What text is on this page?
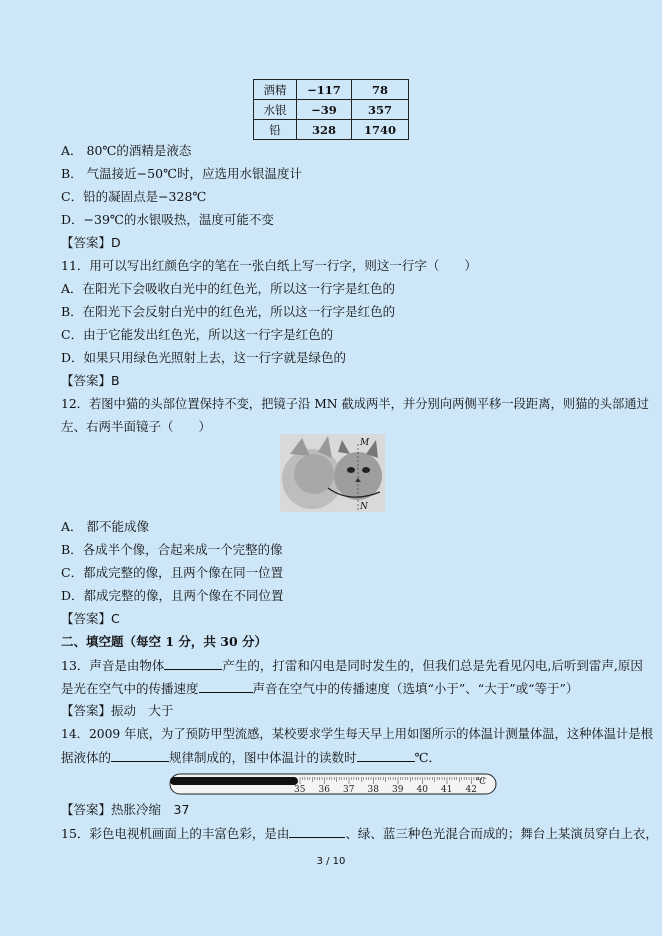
酒精	−117	78
水银	−39	357
铅	328	1740
A． 80℃的酒精是液态
B． 气温接近−50℃时，应选用水银温度计
C．铅的凝固点是−328℃
D．−39℃的水银吸热，温度可能不变
【答案】D
11．用可以写出红颜色字的笔在一张白纸上写一行字，则这一行字（　　）
A．在阳光下会吸收白光中的红色光，所以这一行字是红色的
B．在阳光下会反射白光中的红色光，所以这一行字是红色的
C．由于它能发出红色光，所以这一行字是红色的
D．如果只用绿色光照射上去，这一行字就是绿色的
【答案】B
12．若图中猫的头部位置保持不变，把镜子沿 MN 截成两半，并分别向两侧平移一段距离，则猫的头部通过
左、右两半面镜子（　　）
M
N
A． 都不能成像
B．各成半个像，合起来成一个完整的像
C．都成完整的像，且两个像在同一位置
D．都成完整的像，且两个像在不同位置
【答案】C
二、填空题（每空 1 分，共 30 分）
13．声音是由物体	产生的，打雷和闪电是同时发生的，但我们总是先看见闪电,后听到雷声,原因
是光在空气中的传播速度	声音在空气中的传播速度（选填“小于”、“大于”或“等于”）
【答案】振动　大于
14．2009 年底，为了预防甲型流感，某校要求学生每天早上用如图所示的体温计测量体温，这种体温计是根
据液体的	规律制成的，图中体温计的读数时	℃．
35 36 37 38 39 40 41 42
℃
【答案】热胀冷缩　37
15．彩色电视机画面上的丰富色彩，是由	、绿、蓝三种色光混合而成的；舞台上某演员穿白上衣，
3 / 10
